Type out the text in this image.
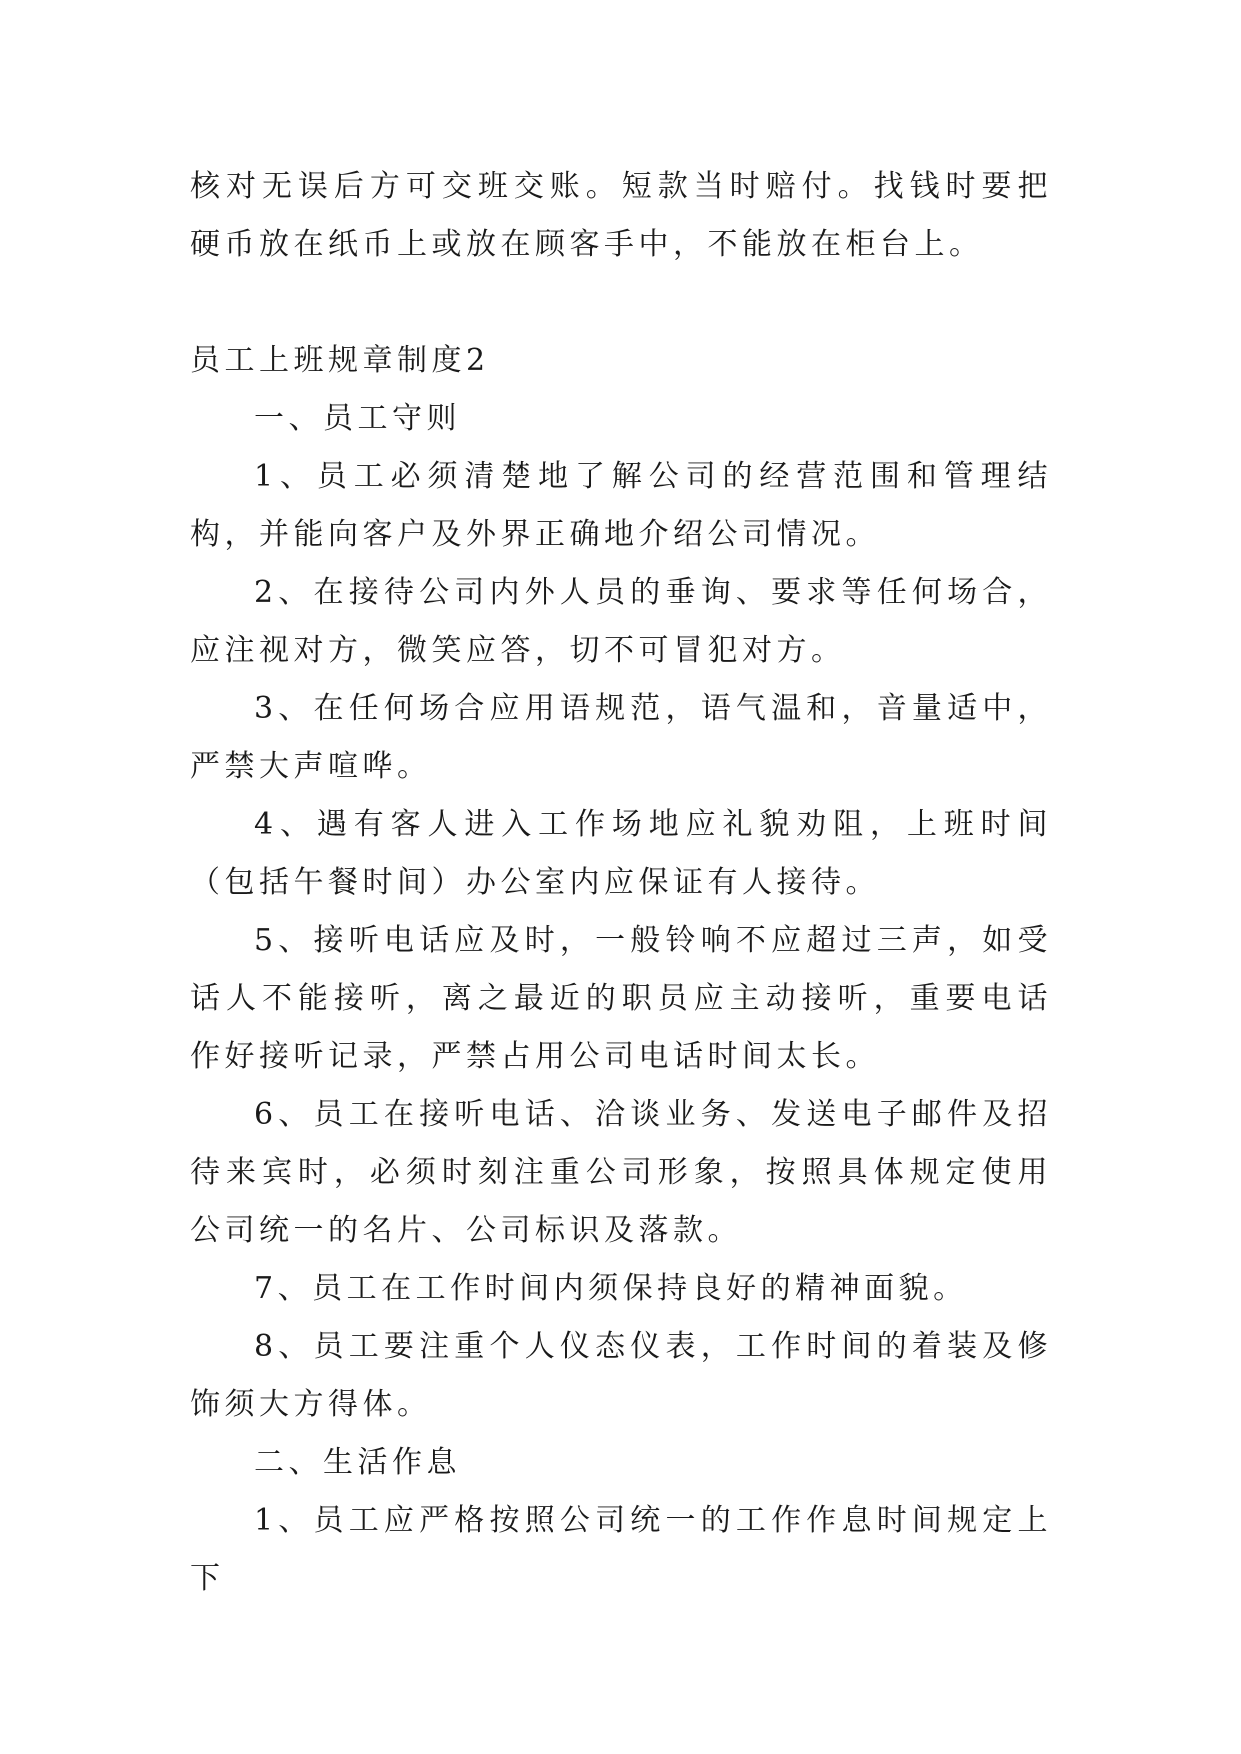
核对无误后方可交班交账。短款当时赔付。找钱时要把硬币放在纸币上或放在顾客手中，不能放在柜台上。

员工上班规章制度2

一、员工守则

1、员工必须清楚地了解公司的经营范围和管理结构，并能向客户及外界正确地介绍公司情况。

2、在接待公司内外人员的垂询、要求等任何场合，应注视对方，微笑应答，切不可冒犯对方。

3、在任何场合应用语规范，语气温和，音量适中，严禁大声喧哗。

4、遇有客人进入工作场地应礼貌劝阻，上班时间（包括午餐时间）办公室内应保证有人接待。

5、接听电话应及时，一般铃响不应超过三声，如受话人不能接听，离之最近的职员应主动接听，重要电话作好接听记录，严禁占用公司电话时间太长。

6、员工在接听电话、洽谈业务、发送电子邮件及招待来宾时，必须时刻注重公司形象，按照具体规定使用公司统一的名片、公司标识及落款。

7、员工在工作时间内须保持良好的精神面貌。

8、员工要注重个人仪态仪表，工作时间的着装及修饰须大方得体。

二、生活作息

1、员工应严格按照公司统一的工作作息时间规定上下
